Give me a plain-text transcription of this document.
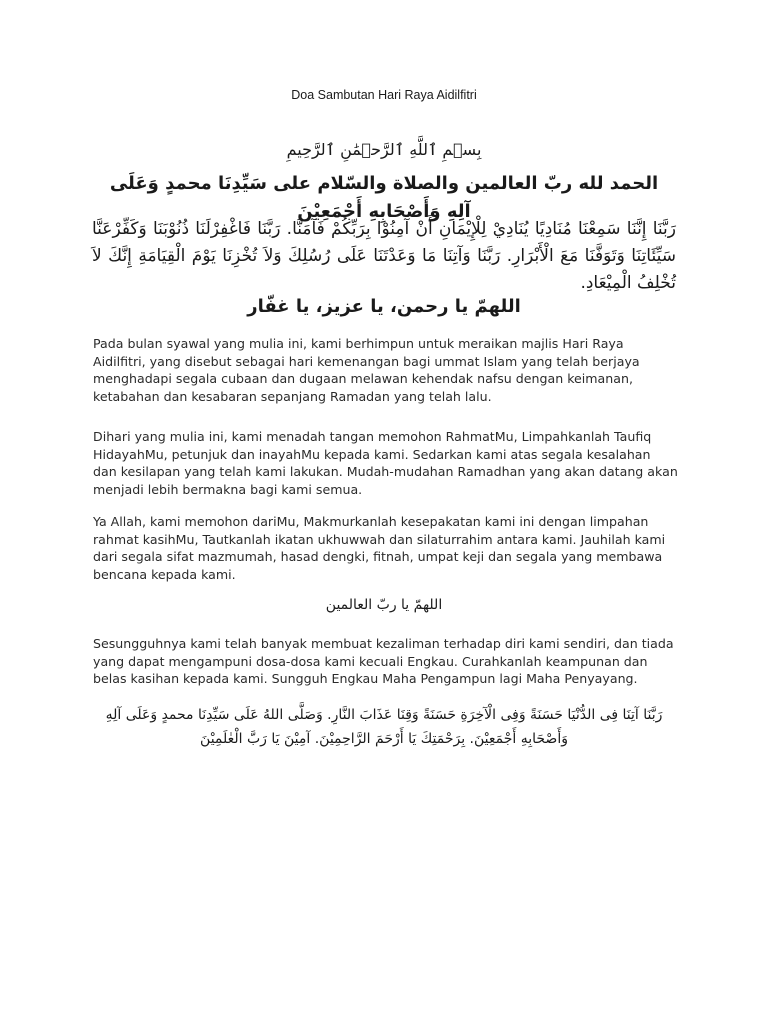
Doa Sambutan Hari Raya Aidilfitri
بِسۡمِ ٱللَّهِ ٱلرَّحۡمَٰنِ ٱلرَّحِيمِ
الحمد لله ربّ العالمين والصلاة والسّلام على سَيِّدِنَا محمدٍ وَعَلَى آلِهِ وَأَصْحَابِهِ أَجْمَعِيْنَ
رَبَّنَا إِنَّنَا سَمِعْنَا مُنَادِيًا يُنَادِيْ لِلْإِيْمَانِ أَنْ آمِنُوْا بِرَبِّكُمْ فَآمَنَّا. رَبَّنَا فَاغْفِرْلَنَا ذُنُوْبَنَا وَكَفِّرْعَنَّا سَيِّئَاتِنَا وَتَوَفَّنَا مَعَ الْأَبْرَارِ. رَبَّنَا وَآتِنَا مَا وَعَدْتَنَا عَلَى رُسُلِكَ وَلاَ تُخْزِنَا يَوْمَ الْقِيَامَةِ إِنَّكَ لاَ تُخْلِفُ الْمِيْعَادِ.
اللهمّ يا رحمن، يا عزيز، يا غفّار

Pada bulan syawal yang mulia ini, kami berhimpun untuk meraikan majlis Hari Raya Aidilfitri, yang disebut sebagai hari kemenangan bagi ummat Islam yang telah berjaya menghadapi segala cubaan dan dugaan melawan kehendak nafsu dengan keimanan, ketabahan dan kesabaran sepanjang Ramadan yang telah lalu.

Dihari yang mulia ini, kami menadah tangan memohon RahmatMu, Limpahkanlah Taufiq HidayahMu, petunjuk dan inayahMu kepada kami. Sedarkan kami atas segala kesalahan dan kesilapan yang telah kami lakukan. Mudah-mudahan Ramadhan yang akan datang akan menjadi lebih bermakna bagi kami semua.

Ya Allah, kami memohon dariMu, Makmurkanlah kesepakatan kami ini dengan limpahan rahmat kasihMu, Tautkanlah ikatan ukhuwwah dan silaturrahim antara kami. Jauhilah kami dari segala sifat mazmumah, hasad dengki, fitnah, umpat keji dan segala yang membawa bencana kepada kami.

اللهمّ يا ربّ العالمين

Sesungguhnya kami telah banyak membuat kezaliman terhadap diri kami sendiri, dan tiada yang dapat mengampuni dosa-dosa kami kecuali Engkau. Curahkanlah keampunan dan belas kasihan kepada kami. Sungguh Engkau Maha Pengampun lagi Maha Penyayang.

رَبَّنَا آتِنَا فِى الدُّنْيَا حَسَنَةً وَفِى الْآخِرَةِ حَسَنَةً وَقِنَا عَذَابَ النَّارِ. وَصَلَّى اللهُ عَلَى سَيِّدِنَا محمدٍ وَعَلَى آلِهِ وَأَصْحَابِهِ أَجْمَعِيْنَ. بِرَحْمَتِكَ يَا أَرْحَمَ الرَّاحِمِيْنَ. آمِيْنَ يَا رَبَّ الْعٰلَمِيْنَ
